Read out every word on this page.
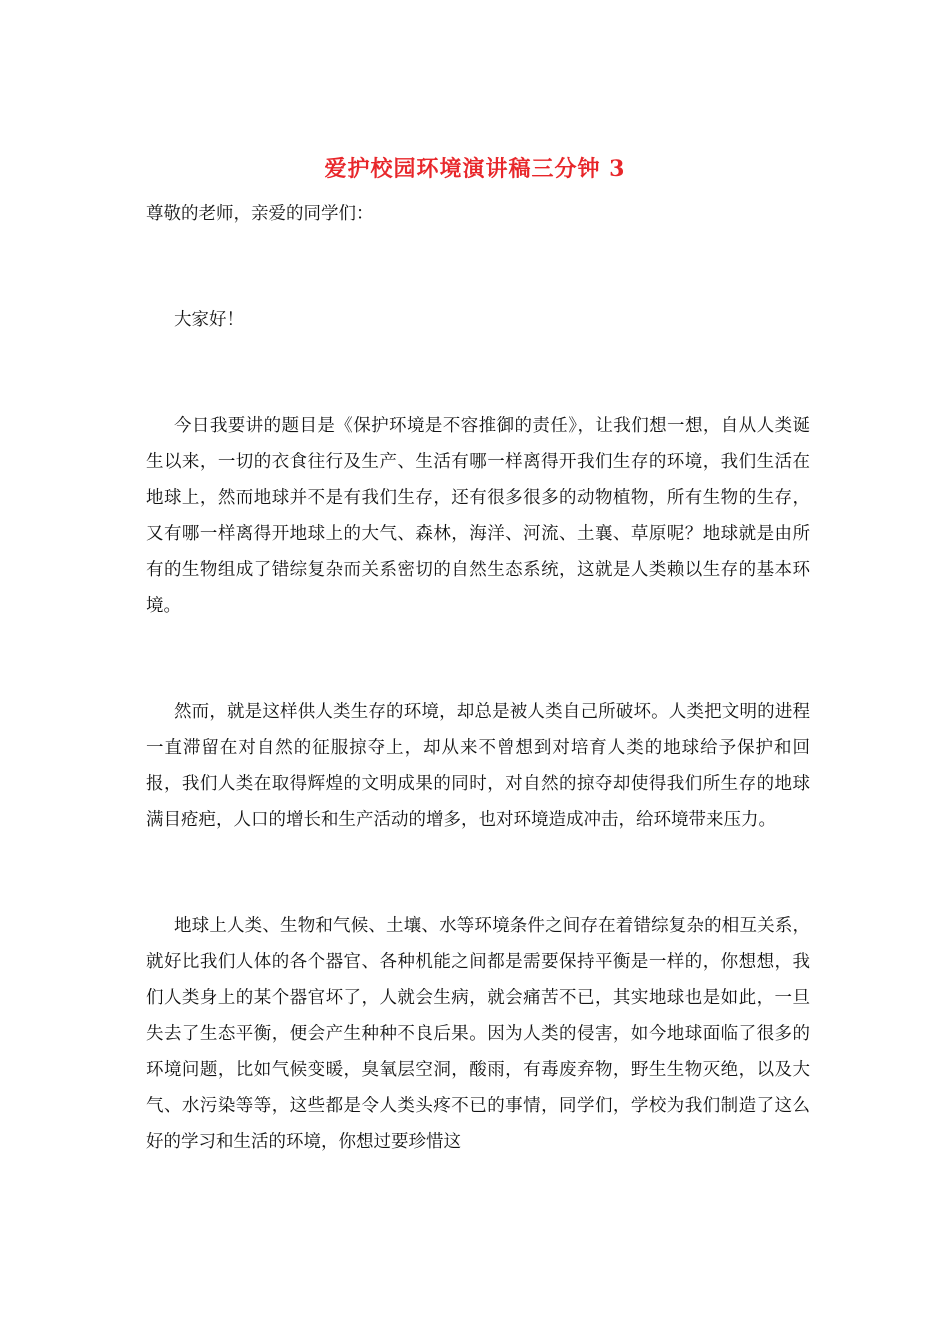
爱护校园环境演讲稿三分钟 3

尊敬的老师，亲爱的同学们：

大家好！

今日我要讲的题目是《保护环境是不容推御的责任》，让我们想一想，自从人类诞生以来，一切的衣食往行及生产、生活有哪一样离得开我们生存的环境，我们生活在地球上，然而地球并不是有我们生存，还有很多很多的动物植物，所有生物的生存，又有哪一样离得开地球上的大气、森林，海洋、河流、土襄、草原呢？地球就是由所有的生物组成了错综复杂而关系密切的自然生态系统，这就是人类赖以生存的基本环境。

然而，就是这样供人类生存的环境，却总是被人类自己所破坏。人类把文明的进程一直滞留在对自然的征服掠夺上，却从来不曾想到对培育人类的地球给予保护和回报，我们人类在取得辉煌的文明成果的同时，对自然的掠夺却使得我们所生存的地球满目疮疤，人口的增长和生产活动的增多，也对环境造成冲击，给环境带来压力。

地球上人类、生物和气候、土壤、水等环境条件之间存在着错综复杂的相互关系，就好比我们人体的各个器官、各种机能之间都是需要保持平衡是一样的，你想想，我们人类身上的某个器官坏了，人就会生病，就会痛苦不已，其实地球也是如此，一旦失去了生态平衡，便会产生种种不良后果。因为人类的侵害，如今地球面临了很多的环境问题，比如气候变暖，臭氧层空洞，酸雨，有毒废弃物，野生生物灭绝，以及大气、水污染等等，这些都是令人类头疼不已的事情，同学们，学校为我们制造了这么好的学习和生活的环境，你想过要珍惜这
